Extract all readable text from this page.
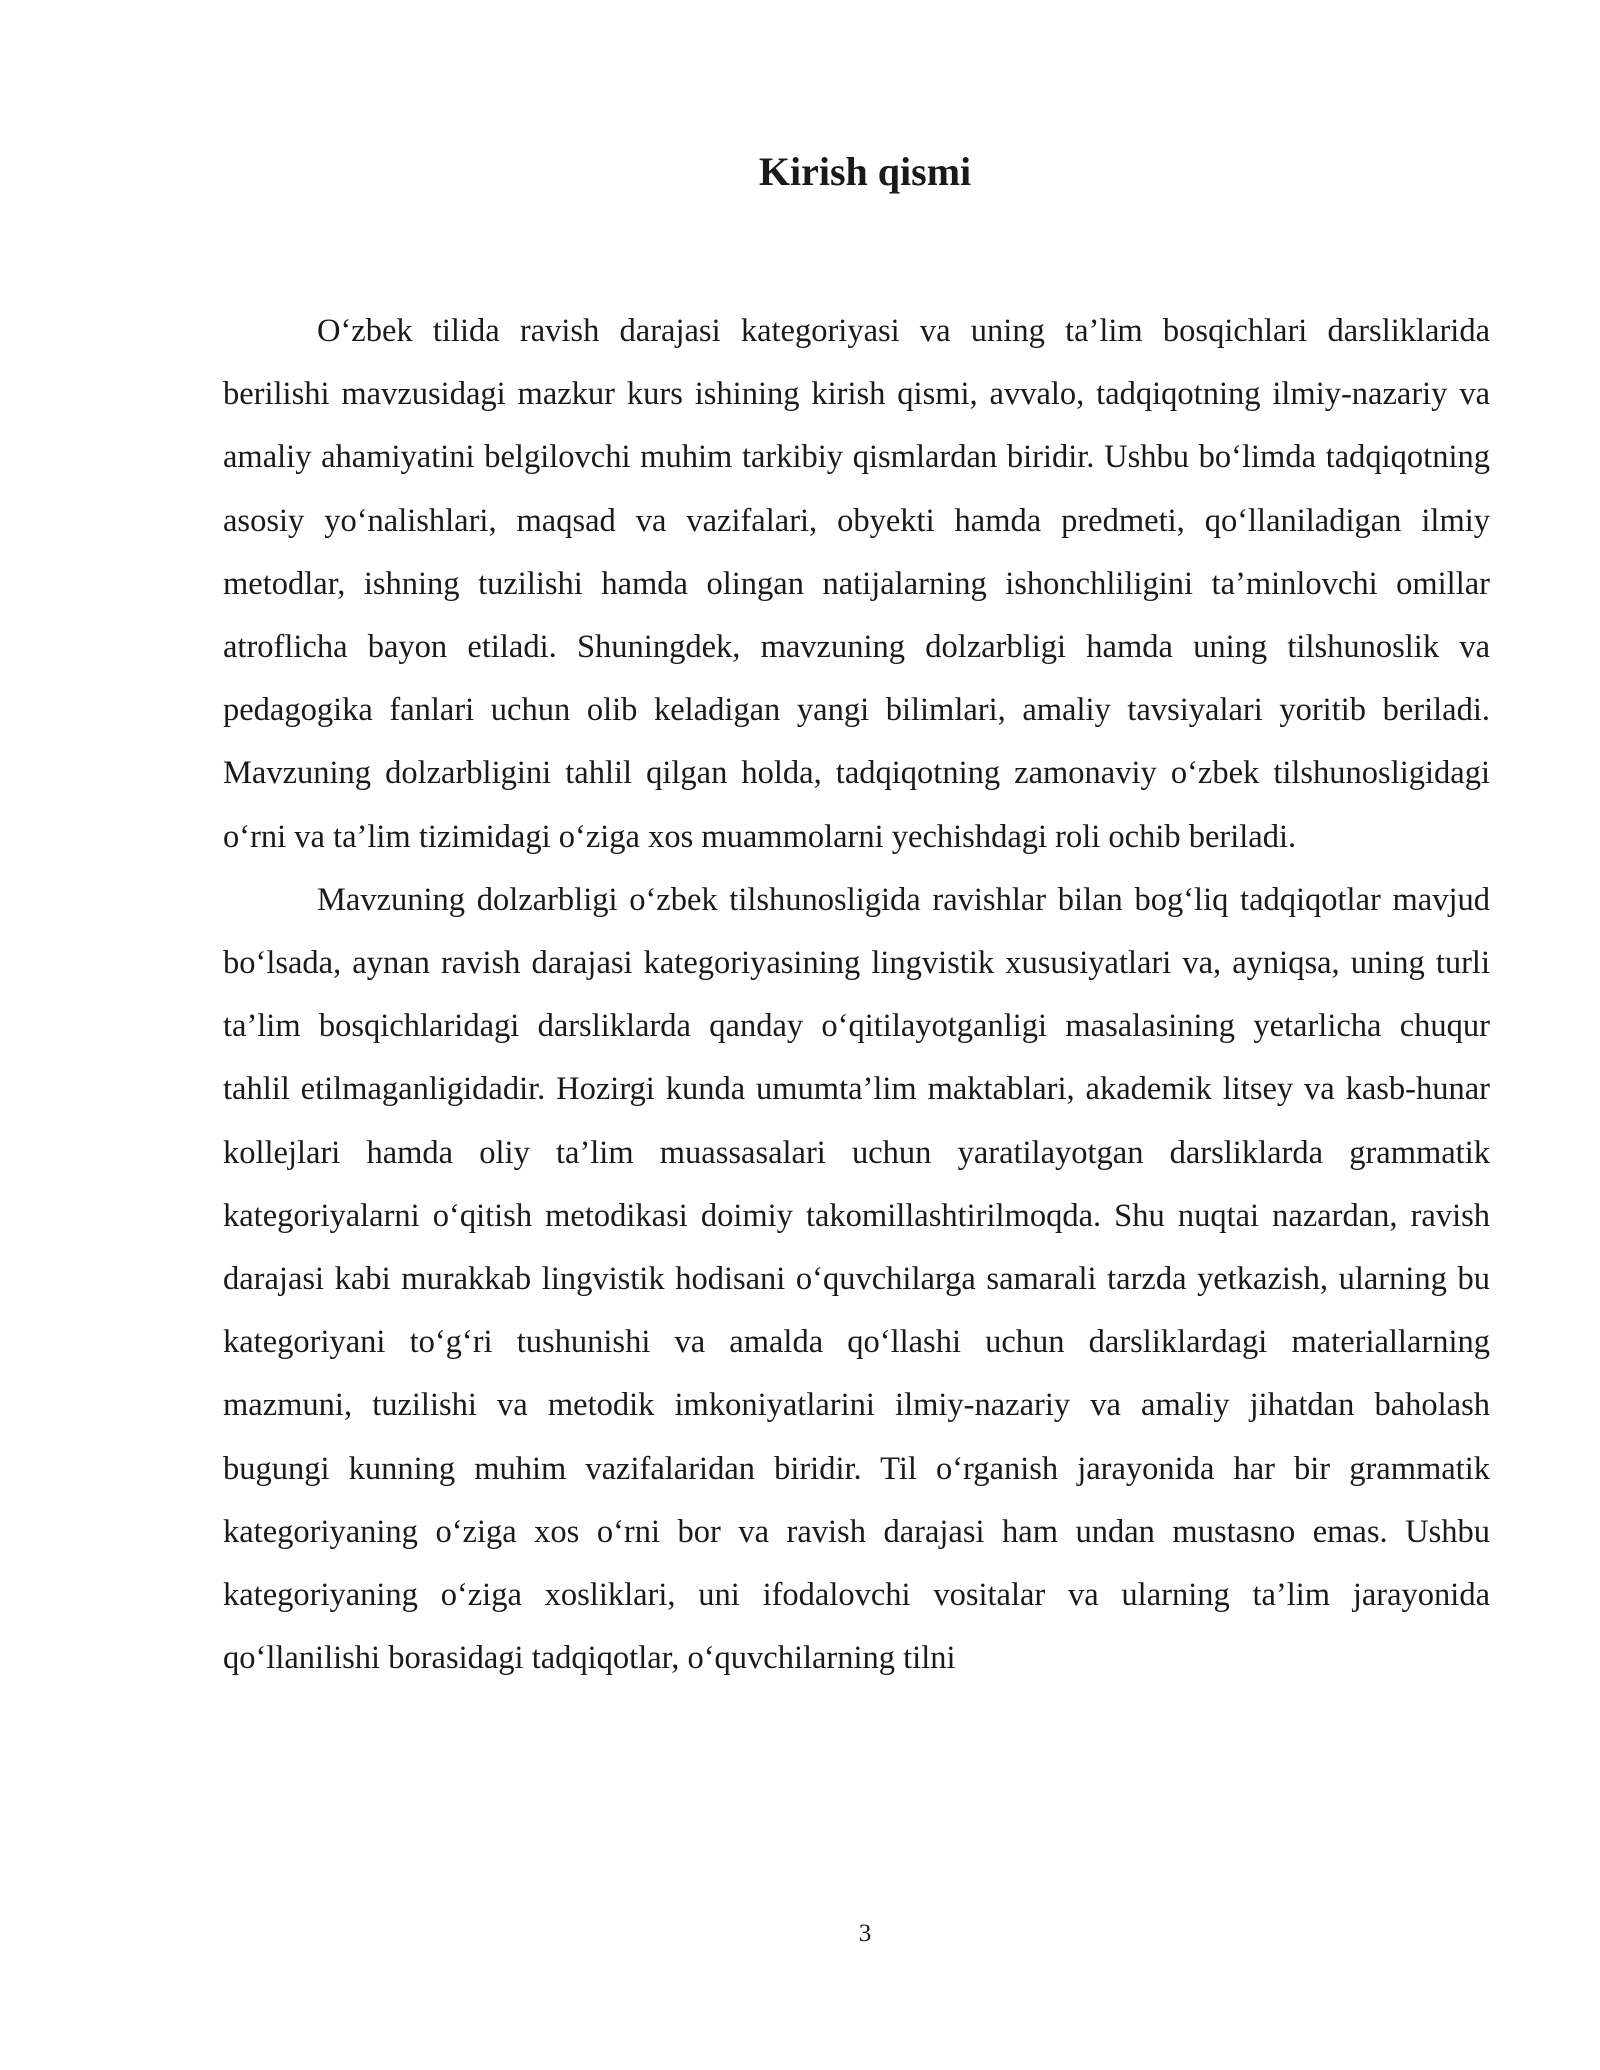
Kirish qismi

O‘zbek tilida ravish darajasi kategoriyasi va uning ta’lim bosqichlari darsliklarida berilishi mavzusidagi mazkur kurs ishining kirish qismi, avvalo, tadqiqotning ilmiy-nazariy va amaliy ahamiyatini belgilovchi muhim tarkibiy qismlardan biridir. Ushbu bo‘limda tadqiqotning asosiy yo‘nalishlari, maqsad va vazifalari, obyekti hamda predmeti, qo‘llaniladigan ilmiy metodlar, ishning tuzilishi hamda olingan natijalarning ishonchliligini ta’minlovchi omillar atroflicha bayon etiladi. Shuningdek, mavzuning dolzarbligi hamda uning tilshunoslik va pedagogika fanlari uchun olib keladigan yangi bilimlari, amaliy tavsiyalari yoritib beriladi. Mavzuning dolzarbligini tahlil qilgan holda, tadqiqotning zamonaviy o‘zbek tilshunosligidagi o‘rni va ta’lim tizimidagi o‘ziga xos muammolarni yechishdagi roli ochib beriladi.

Mavzuning dolzarbligi o‘zbek tilshunosligida ravishlar bilan bog‘liq tadqiqotlar mavjud bo‘lsada, aynan ravish darajasi kategoriyasining lingvistik xususiyatlari va, ayniqsa, uning turli ta’lim bosqichlaridagi darsliklarda qanday o‘qitilayotganligi masalasining yetarlicha chuqur tahlil etilmaganligidadir. Hozirgi kunda umumta’lim maktablari, akademik litsey va kasb-hunar kollejlari hamda oliy ta’lim muassasalari uchun yaratilayotgan darsliklarda grammatik kategoriyalarni o‘qitish metodikasi doimiy takomillashtirilmoqda. Shu nuqtai nazardan, ravish darajasi kabi murakkab lingvistik hodisani o‘quvchilarga samarali tarzda yetkazish, ularning bu kategoriyani to‘g‘ri tushunishi va amalda qo‘llashi uchun darsliklardagi materiallarning mazmuni, tuzilishi va metodik imkoniyatlarini ilmiy-nazariy va amaliy jihatdan baholash bugungi kunning muhim vazifalaridan biridir. Til o‘rganish jarayonida har bir grammatik kategoriyaning o‘ziga xos o‘rni bor va ravish darajasi ham undan mustasno emas. Ushbu kategoriyaning o‘ziga xosliklari, uni ifodalovchi vositalar va ularning ta’lim jarayonida qo‘llanilishi borasidagi tadqiqotlar, o‘quvchilarning tilni

3
